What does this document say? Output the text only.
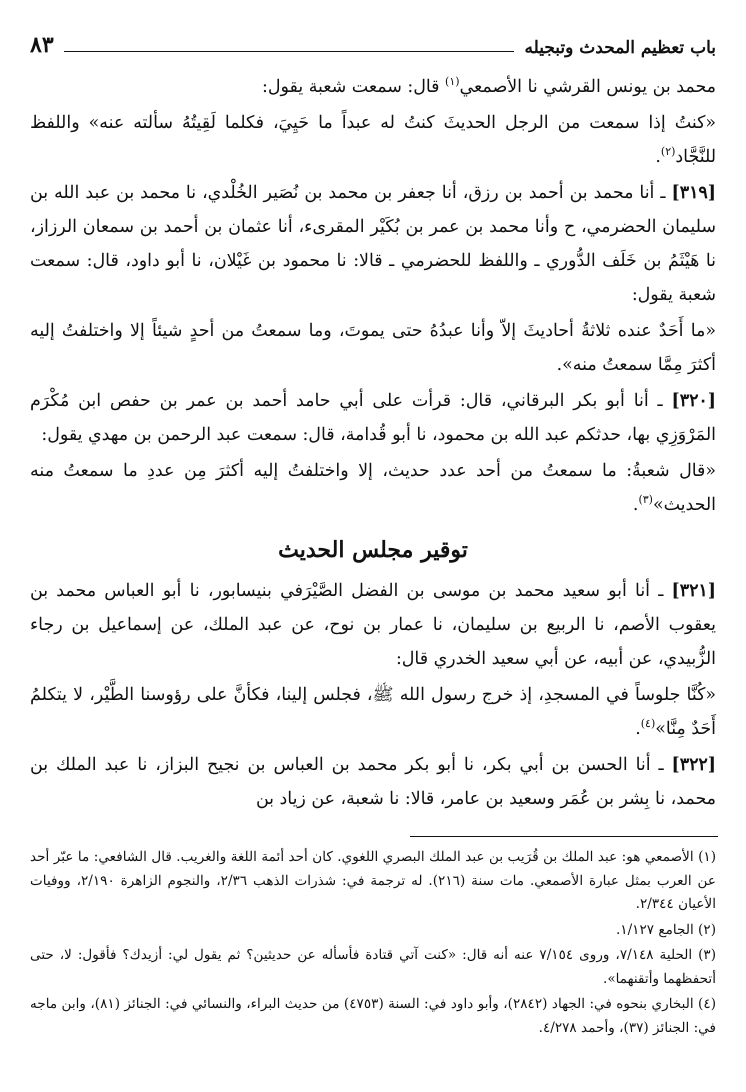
باب تعظيم المحدث وتبجيله
٨٣

محمد بن يونس القرشي نا الأصمعي$^{(١)}$ قال: سمعت شعبة يقول:

«كنتُ إذا سمعت من الرجل الحديثَ كنتُ له عبداً ما حَيِيَ، فكلما لَقِيتُهُ سألته عنه» واللفظ للنَّجَّاد$^{(٢)}$.

[٣١٩] ـ أنا محمد بن أحمد بن رزق، أنا جعفر بن محمد بن نُصَير الخُلْدي، نا محمد بن عبد الله بن سليمان الحضرمي، ح وأنا محمد بن عمر بن بُكَيْر المقرىء، أنا عثمان بن أحمد بن سمعان الرزاز، نا هَيْثَمُ بن خَلَف الدُّوري ـ واللفظ للحضرمي ـ قالا: نا محمود بن غَيْلان، نا أبو داود، قال: سمعت شعبة يقول:

«ما أَحَدٌ عنده ثلاثةُ أحاديثَ إلاّ وأنا عبدُهُ حتى يموتَ، وما سمعتُ من أحدٍ شيئاً إلا واختلفتُ إليه أكثرَ مِمَّا سمعتُ منه».

[٣٢٠] ـ أنا أبو بكر البرقاني، قال: قرأت على أبي حامد أحمد بن عمر بن حفص ابن مُكْرَم المَرْوَزِي بها، حدثكم عبد الله بن محمود، نا أبو قُدامة، قال: سمعت عبد الرحمن بن مهدي يقول:

«قال شعبةُ: ما سمعتُ من أحد عدد حديث، إلا واختلفتُ إليه أكثرَ مِن عددِ ما سمعتُ منه الحديث»$^{(٣)}$.

توقير مجلس الحديث

[٣٢١] ـ أنا أبو سعيد محمد بن موسى بن الفضل الصَّيْرَفي بنيسابور، نا أبو العباس محمد بن يعقوب الأصم، نا الربيع بن سليمان، نا عمار بن نوح، عن عبد الملك، عن إسماعيل بن رجاء الزُّبيدي، عن أبيه، عن أبي سعيد الخدري قال:

«كُنَّا جلوساً في المسجدِ، إذ خرج رسول الله ﷺ، فجلس إلينا، فكأنَّ على رؤوسنا الطَّيْر، لا يتكلمُ أَحَدٌ مِنَّا»$^{(٤)}$.

[٣٢٢] ـ أنا الحسن بن أبي بكر، نا أبو بكر محمد بن العباس بن نجيح البزاز، نا عبد الملك بن محمد، نا بِشر بن عُمَر وسعيد بن عامر، قالا: نا شعبة، عن زياد بن

(١) الأصمعي هو: عبد الملك بن قُرَيب بن عبد الملك البصري اللغوي. كان أحد أئمة اللغة والغريب. قال الشافعي: ما عبّر أحد عن العرب بمثل عبارة الأصمعي. مات سنة (٢١٦). له ترجمة في: شذرات الذهب ٢/٣٦، والنجوم الزاهرة ٢/١٩٠، ووفيات الأعيان ٢/٣٤٤.

(٢) الجامع ١/١٢٧.

(٣) الحلية ٧/١٤٨، وروى ٧/١٥٤ عنه أنه قال: «كنت آتي قتادة فأسأله عن حديثين؟ ثم يقول لي: أزيدك؟ فأقول: لا، حتى أتحفظهما وأتقنهما».

(٤) البخاري بنحوه في: الجهاد (٢٨٤٢)، وأبو داود في: السنة (٤٧٥٣) من حديث البراء، والنسائي في: الجنائز (٨١)، وابن ماجه في: الجنائز (٣٧)، وأحمد ٤/٢٧٨.
